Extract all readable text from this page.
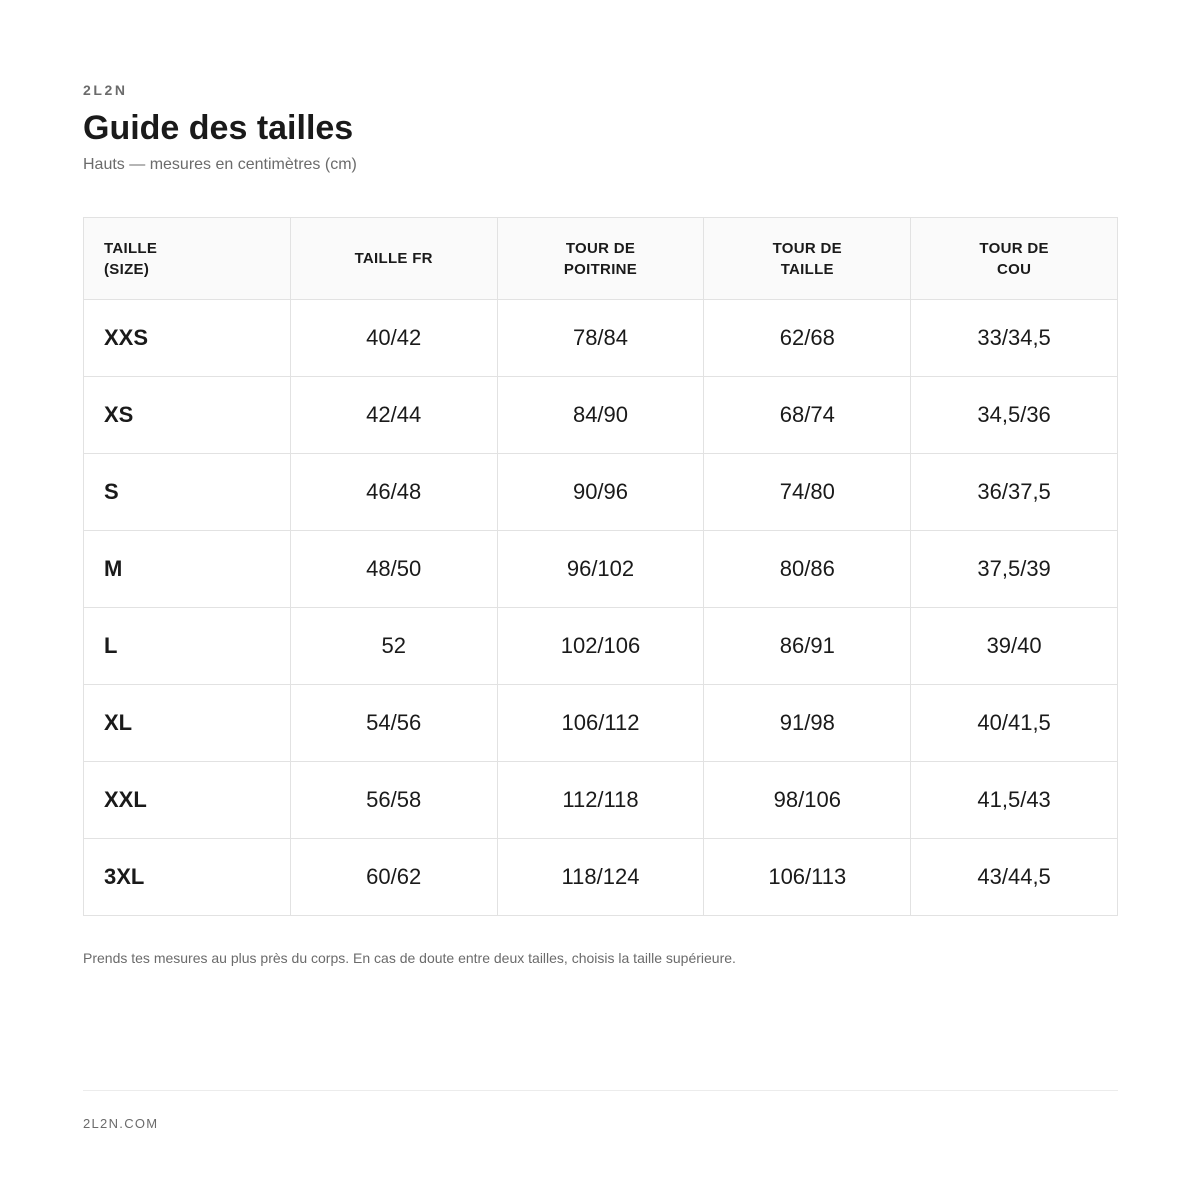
2L2N
Guide des tailles
Hauts — mesures en centimètres (cm)
TAILLE (SIZE)	TAILLE FR	TOUR DE POITRINE	TOUR DE TAILLE	TOUR DE COU
XXS	40/42	78/84	62/68	33/34,5
XS	42/44	84/90	68/74	34,5/36
S	46/48	90/96	74/80	36/37,5
M	48/50	96/102	80/86	37,5/39
L	52	102/106	86/91	39/40
XL	54/56	106/112	91/98	40/41,5
XXL	56/58	112/118	98/106	41,5/43
3XL	60/62	118/124	106/113	43/44,5
Prends tes mesures au plus près du corps. En cas de doute entre deux tailles, choisis la taille supérieure.
2L2N.COM
